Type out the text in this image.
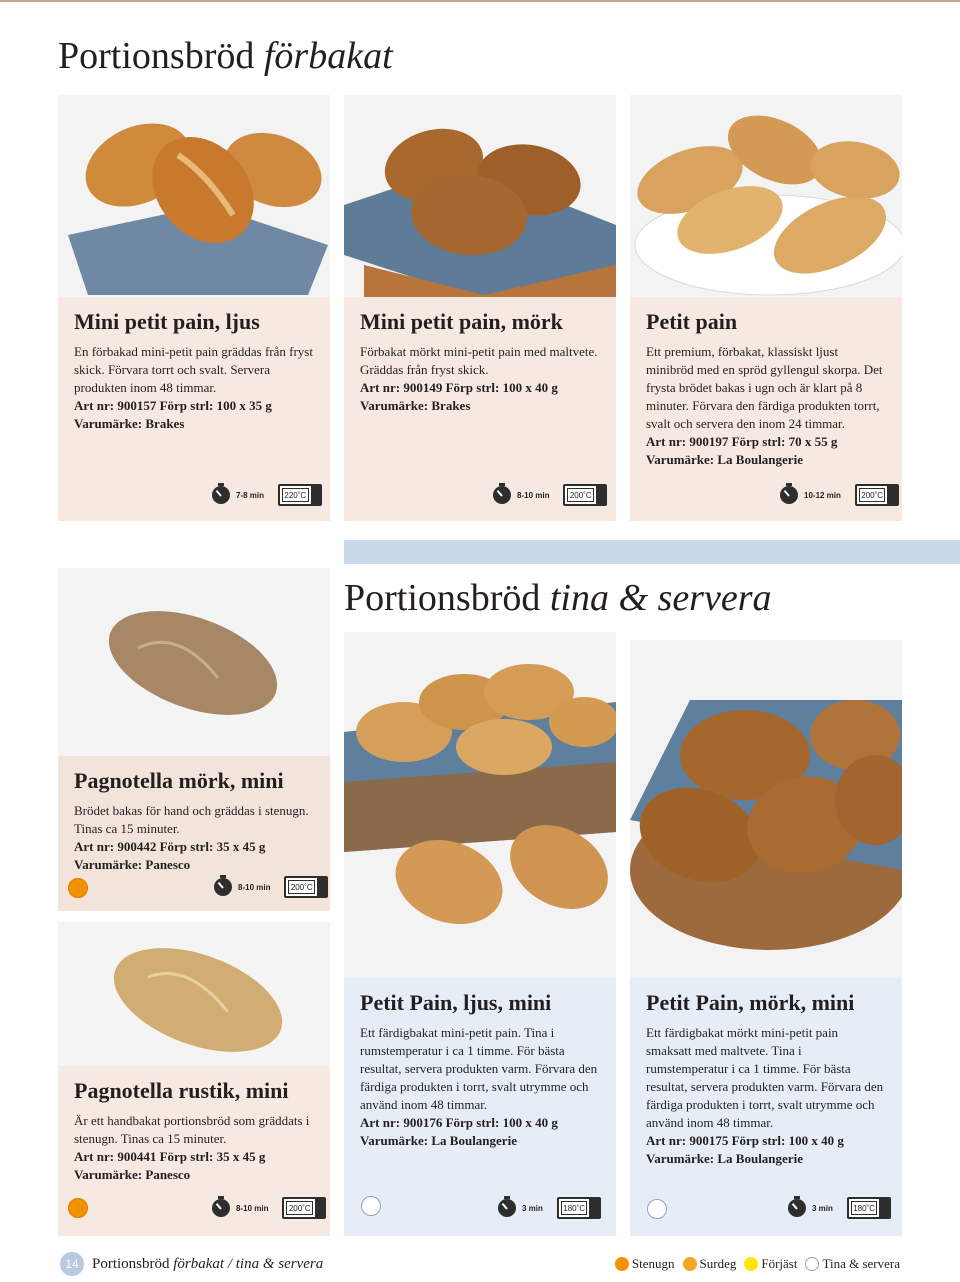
Portionsbröd förbakat
Mini petit pain, ljus

En förbakad mini-petit pain gräddas från fryst skick. Förvara torrt och svalt. Servera produkten inom 48 timmar.

Art nr: 900157 Förp strl: 100 x 35 g

Varumärke: Brakes

7-8 min	220˚C
Mini petit pain, mörk

Förbakat mörkt mini-petit pain med maltvete. Gräddas från fryst skick.

Art nr: 900149 Förp strl: 100 x 40 g

Varumärke: Brakes

8-10 min	200˚C
Petit pain

Ett premium, förbakat, klassiskt ljust minibröd med en spröd gyllengul skorpa. Det frysta brödet bakas i ugn och är klart på 8 minuter. Förvara den färdiga produkten torrt, svalt och servera den inom 24 timmar.

Art nr: 900197 Förp strl: 70 x 55 g

Varumärke: La Boulangerie

10-12 min	200˚C
Portionsbröd tina & servera
Pagnotella mörk, mini

Brödet bakas för hand och gräddas i stenugn. Tinas ca 15 minuter.

Art nr: 900442 Förp strl: 35 x 45 g

Varumärke: Panesco

8-10 min	200˚C
Pagnotella rustik, mini

Är ett handbakat portionsbröd som gräddats i stenugn. Tinas ca 15 minuter.

Art nr: 900441 Förp strl: 35 x 45 g

Varumärke: Panesco

8-10 min	200˚C
Petit Pain, ljus, mini

Ett färdigbakat mini-petit pain. Tina i rumstemperatur i ca 1 timme. För bästa resultat, servera produkten varm. Förvara den färdiga produkten i torrt, svalt utrymme och använd inom 48 timmar.

Art nr: 900176 Förp strl: 100 x 40 g

Varumärke: La Boulangerie

3 min	180˚C
Petit Pain, mörk, mini

Ett färdigbakat mörkt mini-petit pain smaksatt med maltvete. Tina i rumstemperatur i ca 1 timme. För bästa resultat, servera produkten varm. Förvara den färdiga produkten i torrt, svalt utrymme och använd inom 48 timmar.

Art nr: 900175 Förp strl: 100 x 40 g

Varumärke: La Boulangerie

3 min	180˚C
14 Portionsbröd förbakat / tina & servera	Stenugn Surdeg Förjäst Tina & servera
